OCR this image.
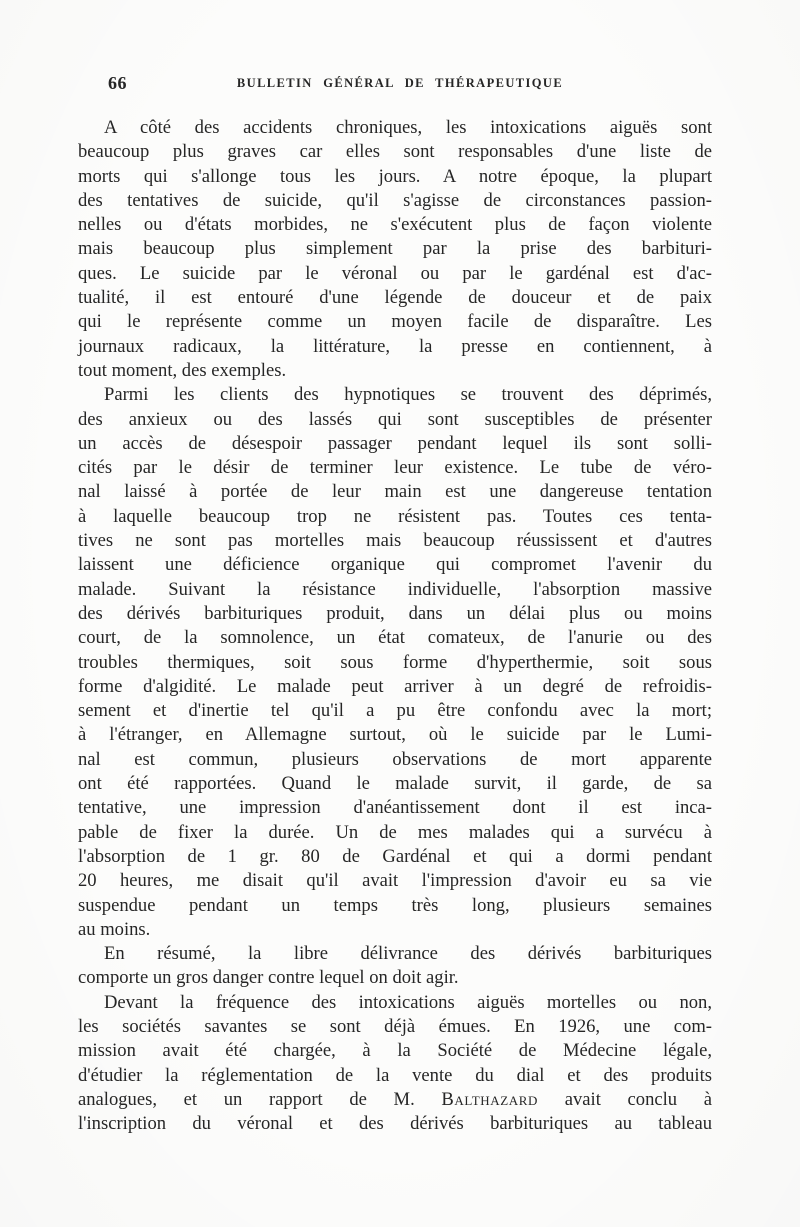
66	BULLETIN GÉNÉRAL DE THÉRAPEUTIQUE
A côté des accidents chroniques, les intoxications aiguës sont
beaucoup plus graves car elles sont responsables d'une liste de
morts qui s'allonge tous les jours. A notre époque, la plupart
des tentatives de suicide, qu'il s'agisse de circonstances passion-
nelles ou d'états morbides, ne s'exécutent plus de façon violente
mais beaucoup plus simplement par la prise des barbituri-
ques. Le suicide par le véronal ou par le gardénal est d'ac-
tualité, il est entouré d'une légende de douceur et de paix
qui le représente comme un moyen facile de disparaître. Les
journaux radicaux, la littérature, la presse en contiennent, à
tout moment, des exemples.
Parmi les clients des hypnotiques se trouvent des déprimés,
des anxieux ou des lassés qui sont susceptibles de présenter
un accès de désespoir passager pendant lequel ils sont solli-
cités par le désir de terminer leur existence. Le tube de véro-
nal laissé à portée de leur main est une dangereuse tentation
à laquelle beaucoup trop ne résistent pas. Toutes ces tenta-
tives ne sont pas mortelles mais beaucoup réussissent et d'autres
laissent une déficience organique qui compromet l'avenir du
malade. Suivant la résistance individuelle, l'absorption massive
des dérivés barbituriques produit, dans un délai plus ou moins
court, de la somnolence, un état comateux, de l'anurie ou des
troubles thermiques, soit sous forme d'hyperthermie, soit sous
forme d'algidité. Le malade peut arriver à un degré de refroidis-
sement et d'inertie tel qu'il a pu être confondu avec la mort;
à l'étranger, en Allemagne surtout, où le suicide par le Lumi-
nal est commun, plusieurs observations de mort apparente
ont été rapportées. Quand le malade survit, il garde, de sa
tentative, une impression d'anéantissement dont il est inca-
pable de fixer la durée. Un de mes malades qui a survécu à
l'absorption de 1 gr. 80 de Gardénal et qui a dormi pendant
20 heures, me disait qu'il avait l'impression d'avoir eu sa vie
suspendue pendant un temps très long, plusieurs semaines
au moins.
En résumé, la libre délivrance des dérivés barbituriques
comporte un gros danger contre lequel on doit agir.
Devant la fréquence des intoxications aiguës mortelles ou non,
les sociétés savantes se sont déjà émues. En 1926, une com-
mission avait été chargée, à la Société de Médecine légale,
d'étudier la réglementation de la vente du dial et des produits
analogues, et un rapport de M. Balthazard avait conclu à
l'inscription du véronal et des dérivés barbituriques au tableau
